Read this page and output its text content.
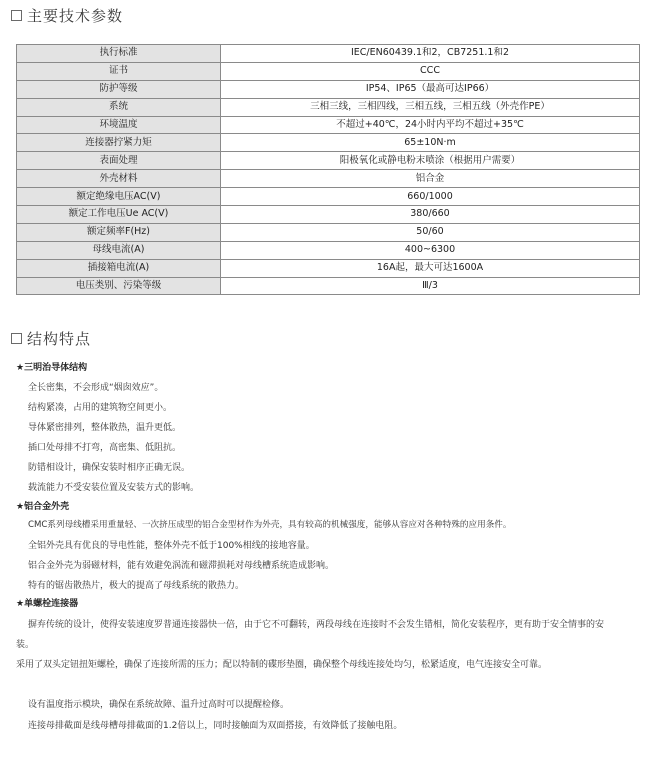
主要技术参数
执行标准	IEC/EN60439.1和2，CB7251.1和2
证书	CCC
防护等级	IP54、IP65（最高可达IP66）
系统	三相三线，三相四线，三相五线，三相五线（外壳作PE）
环境温度	不超过+40℃，24小时内平均不超过+35℃
连接器拧紧力矩	65±10N·m
表面处理	阳极氧化或静电粉末喷涂（根据用户需要）
外壳材料	铝合金
额定绝缘电压AC(V)	660/1000
额定工作电压Ue AC(V)	380/660
额定频率F(Hz)	50/60
母线电流(A)	400~6300
插接箱电流(A)	16A起，最大可达1600A
电压类别、污染等级	Ⅲ/3
结构特点
★三明治导体结构
全长密集，不会形成“烟囱效应”。
结构紧凑，占用的建筑物空间更小。
导体紧密排列，整体散热，温升更低。
插口处母排不打弯，高密集、低阻抗。
防错相设计，确保安装时相序正确无误。
载流能力不受安装位置及安装方式的影响。
★铝合金外壳
CMC系列母线槽采用重量轻、一次挤压成型的铝合金型材作为外壳，具有较高的机械强度，能够从容应对各种特殊的应用条件。
全铝外壳具有优良的导电性能，整体外壳不低于100%相线的接地容量。
铝合金外壳为弱磁材料，能有效避免涡流和磁滞损耗对母线槽系统造成影响。
特有的锯齿散热片，极大的提高了母线系统的散热力。
★单螺栓连接器
摒弃传统的设计，使得安装速度罗普通连接器快一倍，由于它不可翻转，两段母线在连接时不会发生错相，简化安装程序，更有助于安全情事的安装。
采用了双头定钮扭矩螺栓，确保了连接所需的压力；配以特制的碟形垫圈，确保整个母线连接处均匀，松紧适度，电气连接安全可靠。
设有温度指示模块，确保在系统故障、温升过高时可以提醒检修。
连接母排截面是线母槽母排截面的1.2倍以上，同时接触面为双面搭接，有效降低了接触电阻。
